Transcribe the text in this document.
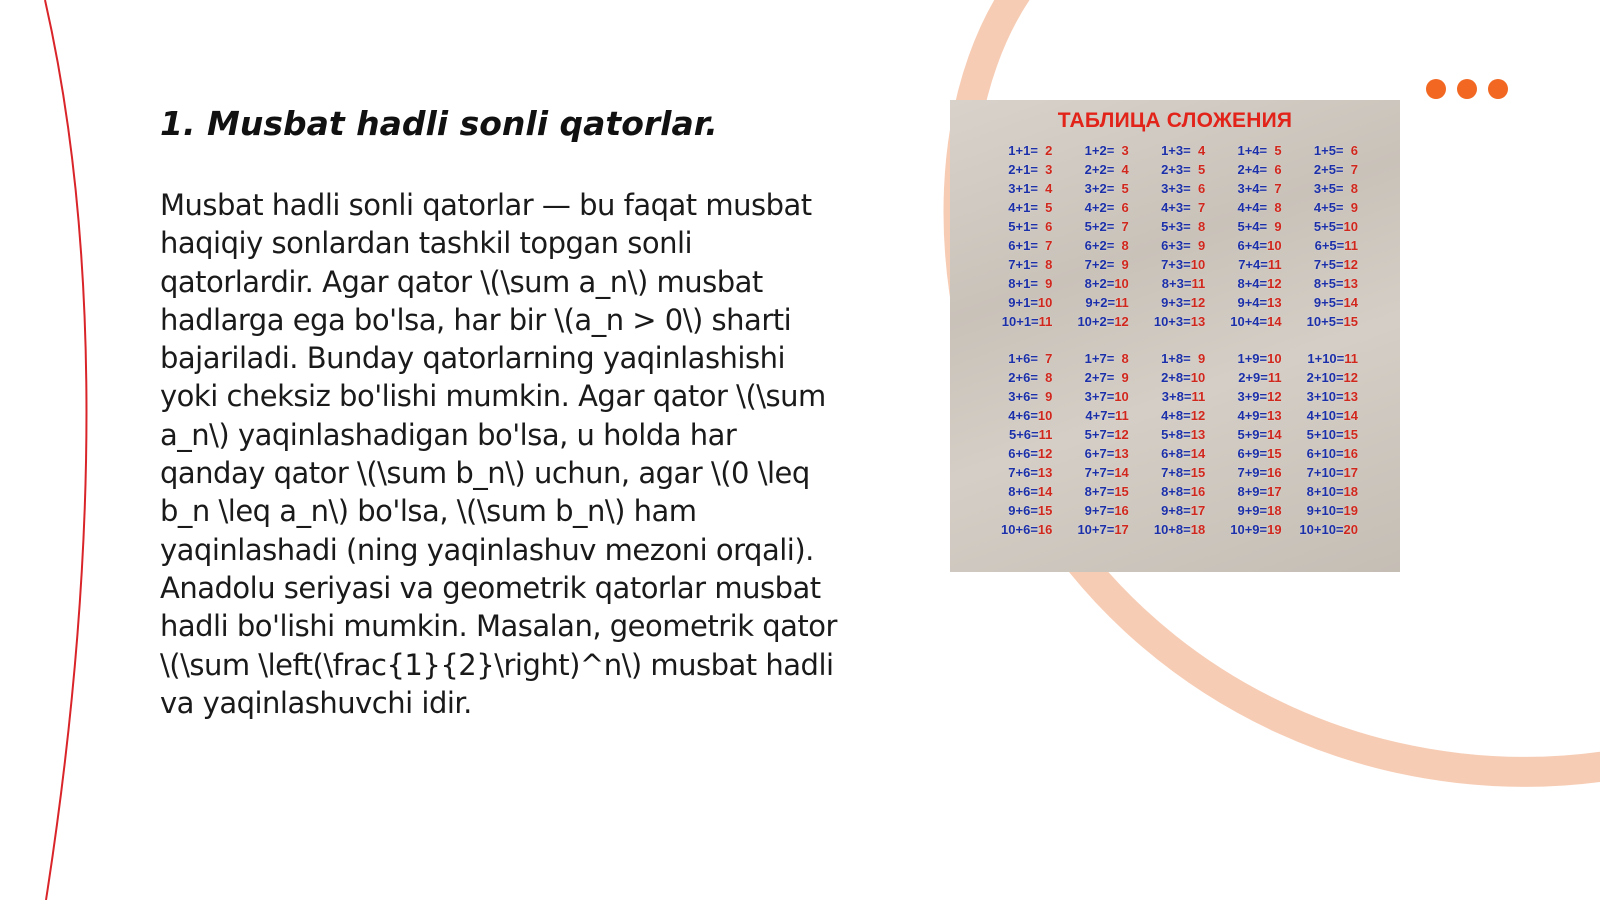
1. Musbat hadli sonli qatorlar.

Musbat hadli sonli qatorlar — bu faqat musbat haqiqiy sonlardan tashkil topgan sonli qatorlardir. Agar qator \(\sum a_n\) musbat hadlarga ega bo'lsa, har bir \(a_n > 0\) sharti bajariladi. Bunday qatorlarning yaqinlashishi yoki cheksiz bo'lishi mumkin. Agar qator \(\sum a_n\) yaqinlashadigan bo'lsa, u holda har qanday qator \(\sum b_n\) uchun, agar \(0 \leq b_n \leq a_n\) bo'lsa, \(\sum b_n\) ham yaqinlashadi (ning yaqinlashuv mezoni orqali). Anadolu seriyasi va geometrik qatorlar musbat hadli bo'lishi mumkin. Masalan, geometrik qator \(\sum \left(\frac{1}{2}\right)^n\) musbat hadli va yaqinlashuvchi idir.

ТАБЛИЦА СЛОЖЕНИЯ
1+1= 2
2+1= 3
3+1= 4
4+1= 5
5+1= 6
6+1= 7
7+1= 8
8+1= 9
9+1=10
10+1=11
1+2= 3
2+2= 4
3+2= 5
4+2= 6
5+2= 7
6+2= 8
7+2= 9
8+2=10
9+2=11
10+2=12
1+3= 4
2+3= 5
3+3= 6
4+3= 7
5+3= 8
6+3= 9
7+3=10
8+3=11
9+3=12
10+3=13
1+4= 5
2+4= 6
3+4= 7
4+4= 8
5+4= 9
6+4=10
7+4=11
8+4=12
9+4=13
10+4=14
1+5= 6
2+5= 7
3+5= 8
4+5= 9
5+5=10
6+5=11
7+5=12
8+5=13
9+5=14
10+5=15
1+6= 7
2+6= 8
3+6= 9
4+6=10
5+6=11
6+6=12
7+6=13
8+6=14
9+6=15
10+6=16
1+7= 8
2+7= 9
3+7=10
4+7=11
5+7=12
6+7=13
7+7=14
8+7=15
9+7=16
10+7=17
1+8= 9
2+8=10
3+8=11
4+8=12
5+8=13
6+8=14
7+8=15
8+8=16
9+8=17
10+8=18
1+9=10
2+9=11
3+9=12
4+9=13
5+9=14
6+9=15
7+9=16
8+9=17
9+9=18
10+9=19
1+10=11
2+10=12
3+10=13
4+10=14
5+10=15
6+10=16
7+10=17
8+10=18
9+10=19
10+10=20
